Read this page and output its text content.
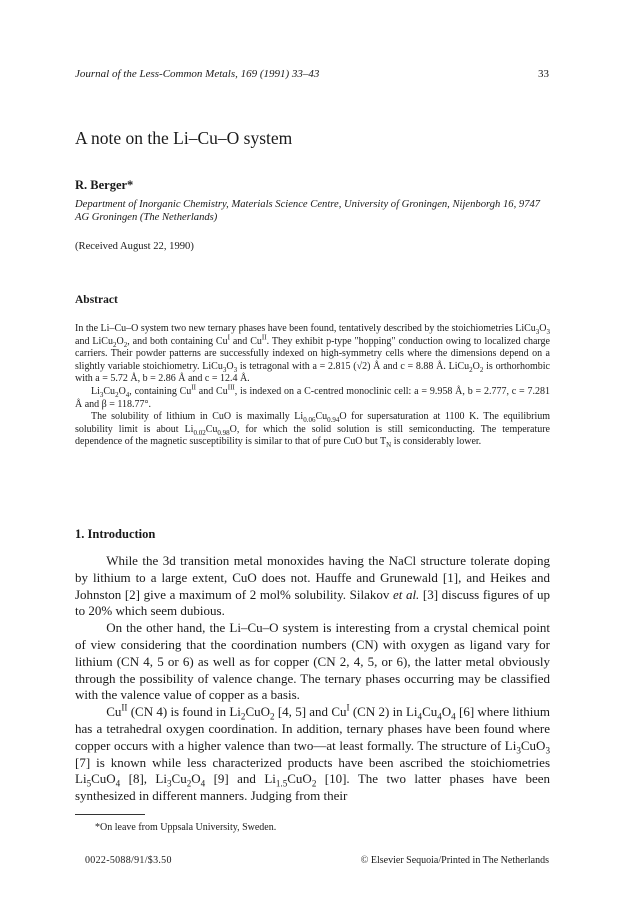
Journal of the Less-Common Metals, 169 (1991) 33–43	33
A note on the Li–Cu–O system
R. Berger*
Department of Inorganic Chemistry, Materials Science Centre, University of Groningen, Nijenborgh 16, 9747 AG Groningen (The Netherlands)
(Received August 22, 1990)
Abstract

In the Li–Cu–O system two new ternary phases have been found, tentatively described by the stoichiometries $LiCu_3O_3$ and $LiCu_2O_2$, and both containing $Cu^I$ and $Cu^{II}$. They exhibit p-type "hopping" conduction owing to localized charge carriers. Their powder patterns are successfully indexed on high-symmetry cells where the dimensions depend on a slightly variable stoichiometry. $LiCu_3O_3$ is tetragonal with a = 2.815 (√2) Å and c = 8.88 Å. $LiCu_2O_2$ is orthorhombic with a = 5.72 Å, b = 2.86 Å and c = 12.4 Å.

$Li_3Cu_2O_4$, containing $Cu^{II}$ and $Cu^{III}$, is indexed on a C-centred monoclinic cell: a = 9.958 Å, b = 2.777, c = 7.281 Å and β = 118.77°.

The solubility of lithium in CuO is maximally $Li_{0.06}Cu_{0.94}O$ for supersaturation at 1100 K. The equilibrium solubility limit is about $Li_{0.02}Cu_{0.98}O$, for which the solid solution is still semiconducting. The temperature dependence of the magnetic susceptibility is similar to that of pure CuO but $T_N$ is considerably lower.

1. Introduction

While the 3d transition metal monoxides having the NaCl structure tolerate doping by lithium to a large extent, CuO does not. Hauffe and Grunewald [1], and Heikes and Johnston [2] give a maximum of 2 mol% solubility. Silakov et al. [3] discuss figures of up to 20% which seem dubious.

On the other hand, the Li–Cu–O system is interesting from a crystal chemical point of view considering that the coordination numbers (CN) with oxygen as ligand vary for lithium (CN 4, 5 or 6) as well as for copper (CN 2, 4, 5, or 6), the latter metal obviously through the possibility of valence change. The ternary phases occurring may be classified with the valence value of copper as a basis.

$Cu^{II}$ (CN 4) is found in $Li_2CuO_2$ [4, 5] and $Cu^I$ (CN 2) in $Li_4Cu_4O_4$ [6] where lithium has a tetrahedral oxygen coordination. In addition, ternary phases have been found where copper occurs with a higher valence than two—at least formally. The structure of $Li_3CuO_3$ [7] is known while less characterized products have been ascribed the stoichiometries $Li_5CuO_4$ [8], $Li_3Cu_2O_4$ [9] and $Li_{1.5}CuO_2$ [10]. The two latter phases have been synthesized in different manners. Judging from their

*On leave from Uppsala University, Sweden.
0022-5088/91/$3.50	© Elsevier Sequoia/Printed in The Netherlands
